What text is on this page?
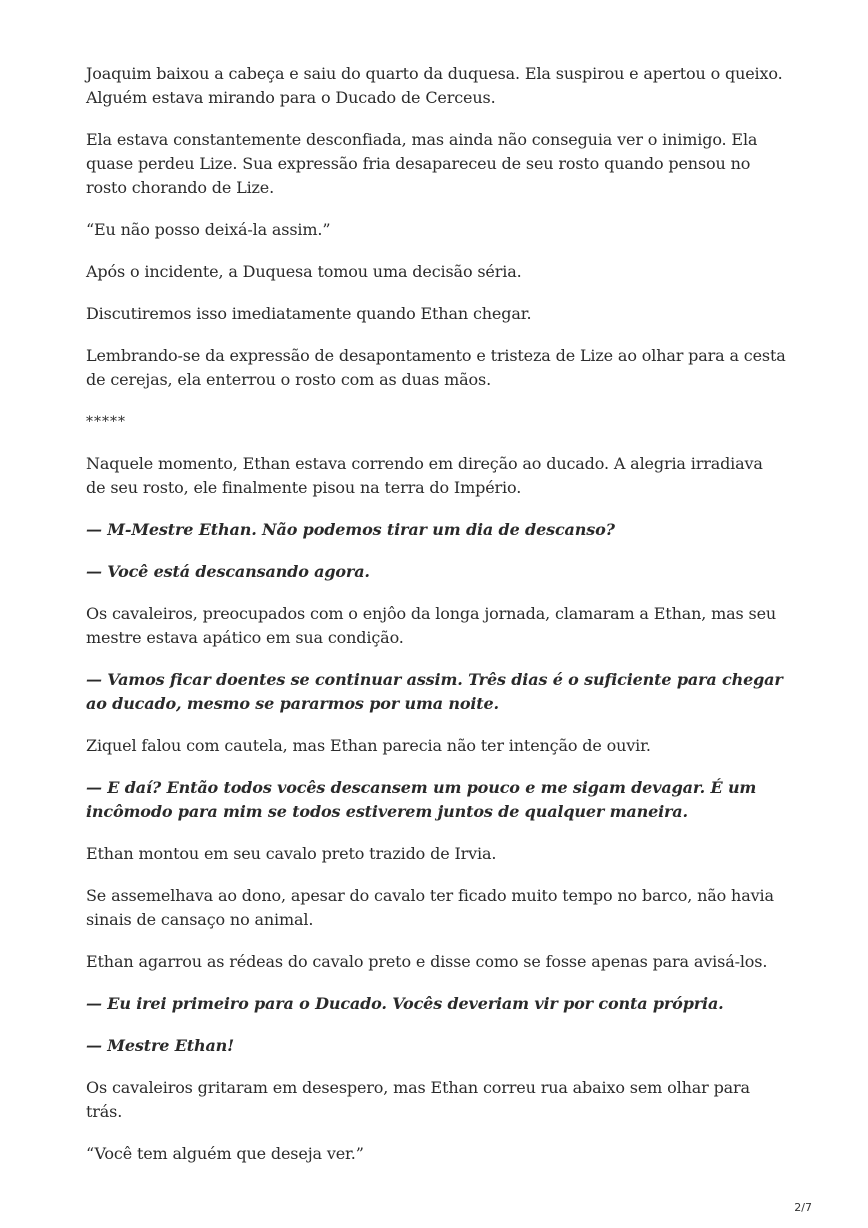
Joaquim baixou a cabeça e saiu do quarto da duquesa. Ela suspirou e apertou o queixo. Alguém estava mirando para o Ducado de Cerceus.

Ela estava constantemente desconfiada, mas ainda não conseguia ver o inimigo. Ela quase perdeu Lize. Sua expressão fria desapareceu de seu rosto quando pensou no rosto chorando de Lize.

“Eu não posso deixá-la assim.”

Após o incidente, a Duquesa tomou uma decisão séria.

Discutiremos isso imediatamente quando Ethan chegar.

Lembrando-se da expressão de desapontamento e tristeza de Lize ao olhar para a cesta de cerejas, ela enterrou o rosto com as duas mãos.

*****

Naquele momento, Ethan estava correndo em direção ao ducado. A alegria irradiava de seu rosto, ele finalmente pisou na terra do Império.

— M-Mestre Ethan. Não podemos tirar um dia de descanso?

— Você está descansando agora.

Os cavaleiros, preocupados com o enjôo da longa jornada, clamaram a Ethan, mas seu mestre estava apático em sua condição.

— Vamos ficar doentes se continuar assim. Três dias é o suficiente para chegar ao ducado, mesmo se pararmos por uma noite.

Ziquel falou com cautela, mas Ethan parecia não ter intenção de ouvir.

— E daí? Então todos vocês descansem um pouco e me sigam devagar. É um incômodo para mim se todos estiverem juntos de qualquer maneira.

Ethan montou em seu cavalo preto trazido de Irvia.

Se assemelhava ao dono, apesar do cavalo ter ficado muito tempo no barco, não havia sinais de cansaço no animal.

Ethan agarrou as rédeas do cavalo preto e disse como se fosse apenas para avisá-los.

— Eu irei primeiro para o Ducado. Vocês deveriam vir por conta própria.

— Mestre Ethan!

Os cavaleiros gritaram em desespero, mas Ethan correu rua abaixo sem olhar para trás.

“Você tem alguém que deseja ver.”

2/7
